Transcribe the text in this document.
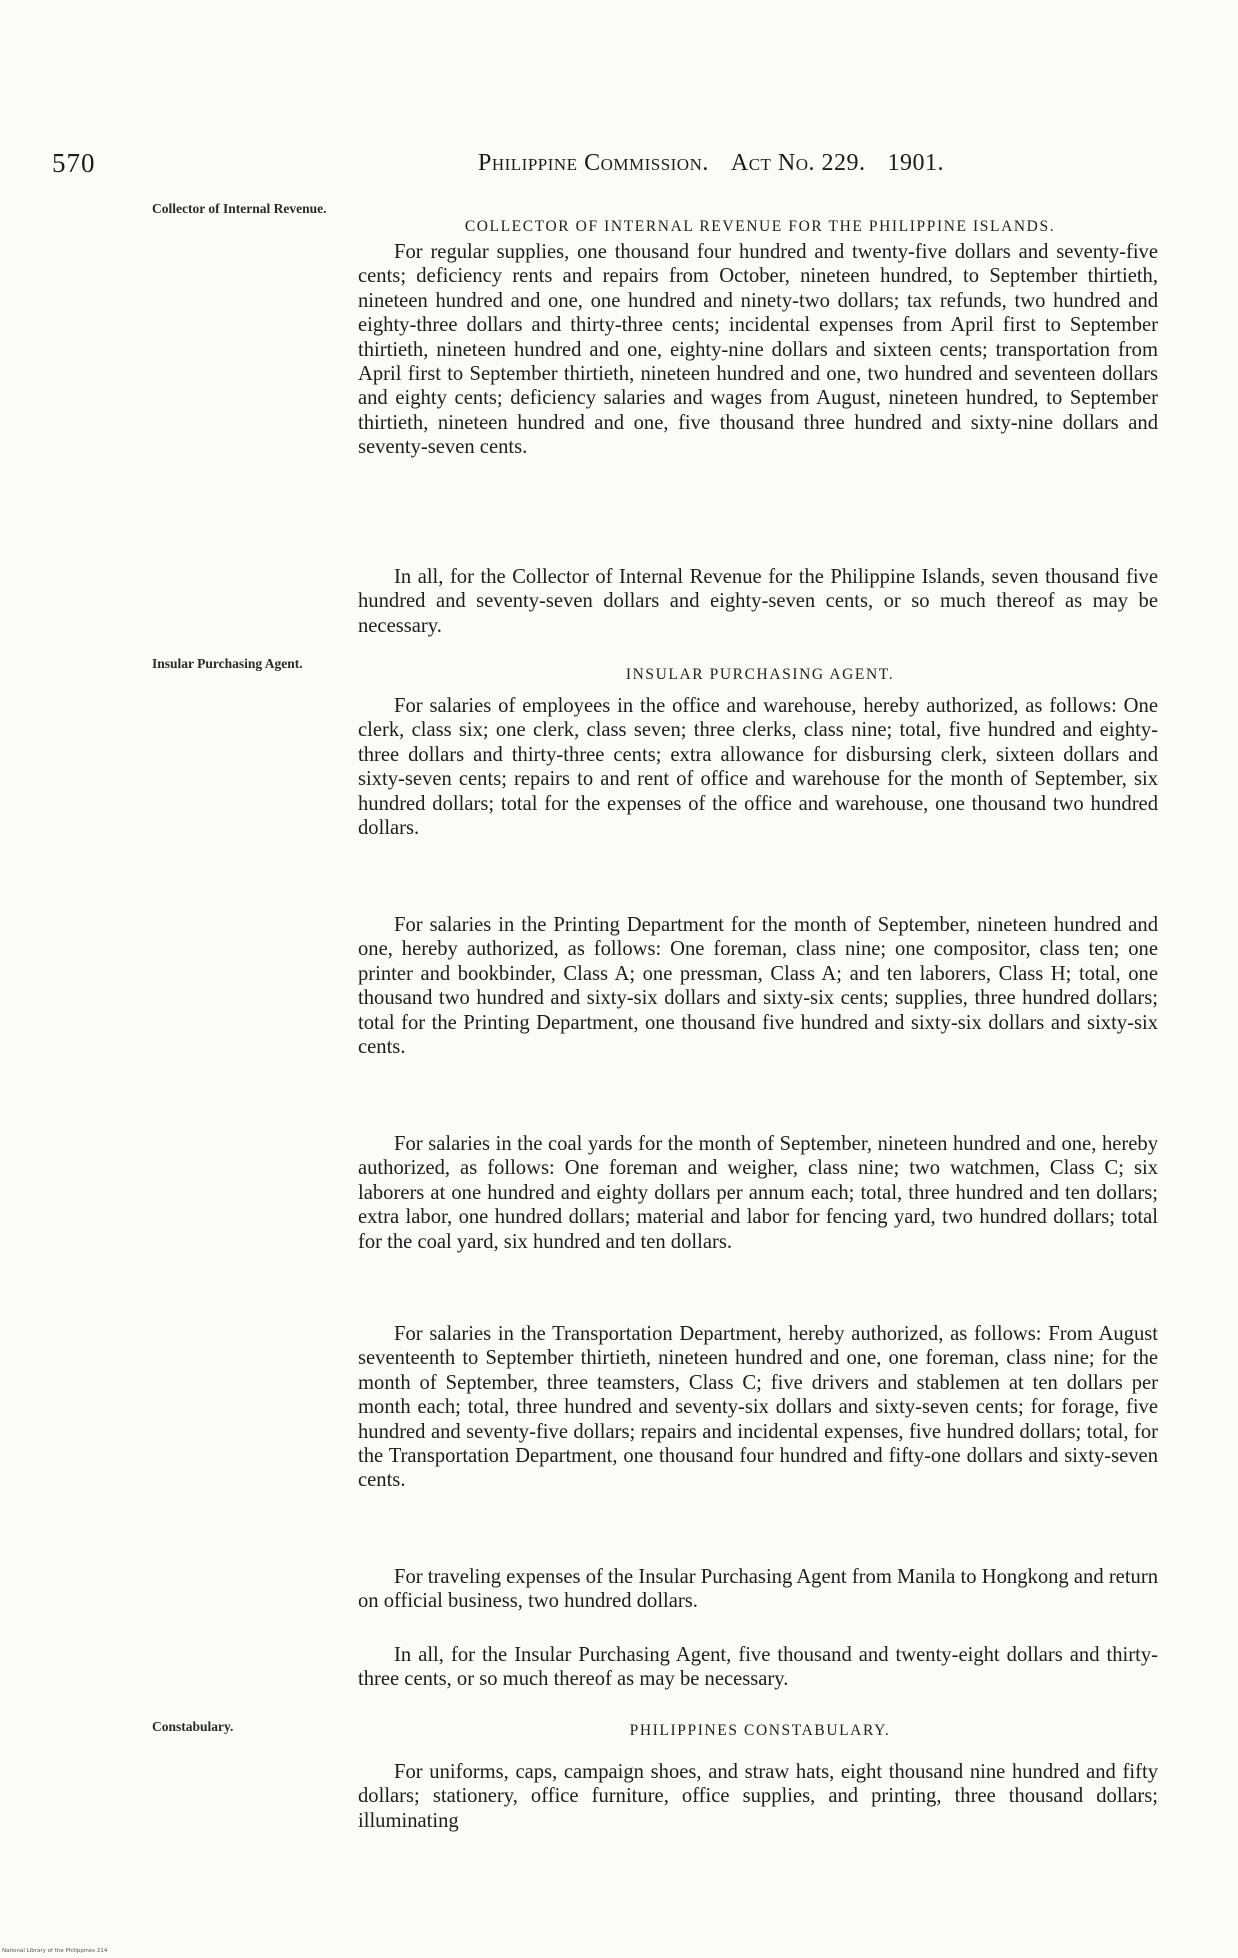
570	Philippine Commission. Act No. 229. 1901.
Collector of Internal Revenue.
COLLECTOR OF INTERNAL REVENUE FOR THE PHILIPPINE ISLANDS.

For regular supplies, one thousand four hundred and twenty-five dollars and seventy-five cents; deficiency rents and repairs from October, nineteen hundred, to September thirtieth, nineteen hundred and one, one hundred and ninety-two dollars; tax refunds, two hundred and eighty-three dollars and thirty-three cents; incidental expenses from April first to September thirtieth, nineteen hundred and one, eighty-nine dollars and sixteen cents; transportation from April first to September thirtieth, nineteen hundred and one, two hundred and seventeen dollars and eighty cents; deficiency salaries and wages from August, nineteen hundred, to September thirtieth, nineteen hundred and one, five thousand three hundred and sixty-nine dollars and seventy-seven cents.

In all, for the Collector of Internal Revenue for the Philippine Islands, seven thousand five hundred and seventy-seven dollars and eighty-seven cents, or so much thereof as may be necessary.

Insular Purchasing Agent.
INSULAR PURCHASING AGENT.

For salaries of employees in the office and warehouse, hereby authorized, as follows: One clerk, class six; one clerk, class seven; three clerks, class nine; total, five hundred and eighty-three dollars and thirty-three cents; extra allowance for disbursing clerk, sixteen dollars and sixty-seven cents; repairs to and rent of office and warehouse for the month of September, six hundred dollars; total for the expenses of the office and warehouse, one thousand two hundred dollars.

For salaries in the Printing Department for the month of September, nineteen hundred and one, hereby authorized, as follows: One foreman, class nine; one compositor, class ten; one printer and bookbinder, Class A; one pressman, Class A; and ten laborers, Class H; total, one thousand two hundred and sixty-six dollars and sixty-six cents; supplies, three hundred dollars; total for the Printing Department, one thousand five hundred and sixty-six dollars and sixty-six cents.

For salaries in the coal yards for the month of September, nineteen hundred and one, hereby authorized, as follows: One foreman and weigher, class nine; two watchmen, Class C; six laborers at one hundred and eighty dollars per annum each; total, three hundred and ten dollars; extra labor, one hundred dollars; material and labor for fencing yard, two hundred dollars; total for the coal yard, six hundred and ten dollars.

For salaries in the Transportation Department, hereby authorized, as follows: From August seventeenth to September thirtieth, nineteen hundred and one, one foreman, class nine; for the month of September, three teamsters, Class C; five drivers and stablemen at ten dollars per month each; total, three hundred and seventy-six dollars and sixty-seven cents; for forage, five hundred and seventy-five dollars; repairs and incidental expenses, five hundred dollars; total, for the Transportation Department, one thousand four hundred and fifty-one dollars and sixty-seven cents.

For traveling expenses of the Insular Purchasing Agent from Manila to Hongkong and return on official business, two hundred dollars.

In all, for the Insular Purchasing Agent, five thousand and twenty-eight dollars and thirty-three cents, or so much thereof as may be necessary.

Constabulary.	PHILIPPINES CONSTABULARY.

For uniforms, caps, campaign shoes, and straw hats, eight thousand nine hundred and fifty dollars; stationery, office furniture, office supplies, and printing, three thousand dollars; illuminating

National Library of the Philippines 214
